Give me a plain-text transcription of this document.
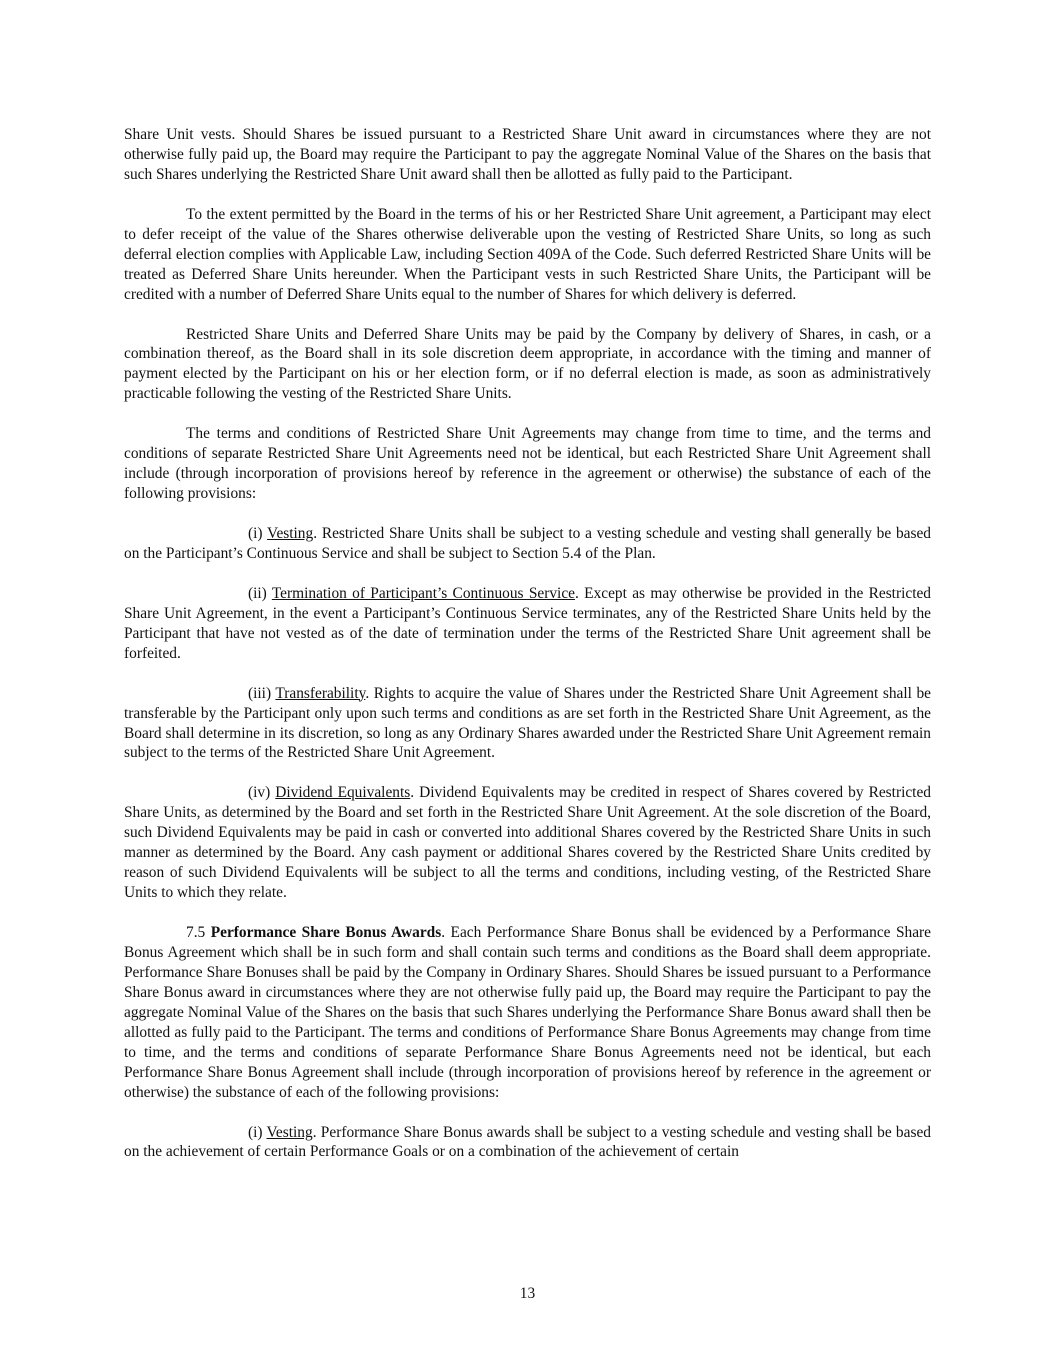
Share Unit vests. Should Shares be issued pursuant to a Restricted Share Unit award in circumstances where they are not otherwise fully paid up, the Board may require the Participant to pay the aggregate Nominal Value of the Shares on the basis that such Shares underlying the Restricted Share Unit award shall then be allotted as fully paid to the Participant.

To the extent permitted by the Board in the terms of his or her Restricted Share Unit agreement, a Participant may elect to defer receipt of the value of the Shares otherwise deliverable upon the vesting of Restricted Share Units, so long as such deferral election complies with Applicable Law, including Section 409A of the Code. Such deferred Restricted Share Units will be treated as Deferred Share Units hereunder. When the Participant vests in such Restricted Share Units, the Participant will be credited with a number of Deferred Share Units equal to the number of Shares for which delivery is deferred.

Restricted Share Units and Deferred Share Units may be paid by the Company by delivery of Shares, in cash, or a combination thereof, as the Board shall in its sole discretion deem appropriate, in accordance with the timing and manner of payment elected by the Participant on his or her election form, or if no deferral election is made, as soon as administratively practicable following the vesting of the Restricted Share Units.

The terms and conditions of Restricted Share Unit Agreements may change from time to time, and the terms and conditions of separate Restricted Share Unit Agreements need not be identical, but each Restricted Share Unit Agreement shall include (through incorporation of provisions hereof by reference in the agreement or otherwise) the substance of each of the following provisions:

(i) Vesting. Restricted Share Units shall be subject to a vesting schedule and vesting shall generally be based on the Participant’s Continuous Service and shall be subject to Section 5.4 of the Plan.

(ii) Termination of Participant’s Continuous Service. Except as may otherwise be provided in the Restricted Share Unit Agreement, in the event a Participant’s Continuous Service terminates, any of the Restricted Share Units held by the Participant that have not vested as of the date of termination under the terms of the Restricted Share Unit agreement shall be forfeited.

(iii) Transferability. Rights to acquire the value of Shares under the Restricted Share Unit Agreement shall be transferable by the Participant only upon such terms and conditions as are set forth in the Restricted Share Unit Agreement, as the Board shall determine in its discretion, so long as any Ordinary Shares awarded under the Restricted Share Unit Agreement remain subject to the terms of the Restricted Share Unit Agreement.

(iv) Dividend Equivalents. Dividend Equivalents may be credited in respect of Shares covered by Restricted Share Units, as determined by the Board and set forth in the Restricted Share Unit Agreement. At the sole discretion of the Board, such Dividend Equivalents may be paid in cash or converted into additional Shares covered by the Restricted Share Units in such manner as determined by the Board. Any cash payment or additional Shares covered by the Restricted Share Units credited by reason of such Dividend Equivalents will be subject to all the terms and conditions, including vesting, of the Restricted Share Units to which they relate.

7.5 Performance Share Bonus Awards. Each Performance Share Bonus shall be evidenced by a Performance Share Bonus Agreement which shall be in such form and shall contain such terms and conditions as the Board shall deem appropriate. Performance Share Bonuses shall be paid by the Company in Ordinary Shares. Should Shares be issued pursuant to a Performance Share Bonus award in circumstances where they are not otherwise fully paid up, the Board may require the Participant to pay the aggregate Nominal Value of the Shares on the basis that such Shares underlying the Performance Share Bonus award shall then be allotted as fully paid to the Participant. The terms and conditions of Performance Share Bonus Agreements may change from time to time, and the terms and conditions of separate Performance Share Bonus Agreements need not be identical, but each Performance Share Bonus Agreement shall include (through incorporation of provisions hereof by reference in the agreement or otherwise) the substance of each of the following provisions:

(i) Vesting. Performance Share Bonus awards shall be subject to a vesting schedule and vesting shall be based on the achievement of certain Performance Goals or on a combination of the achievement of certain

13
